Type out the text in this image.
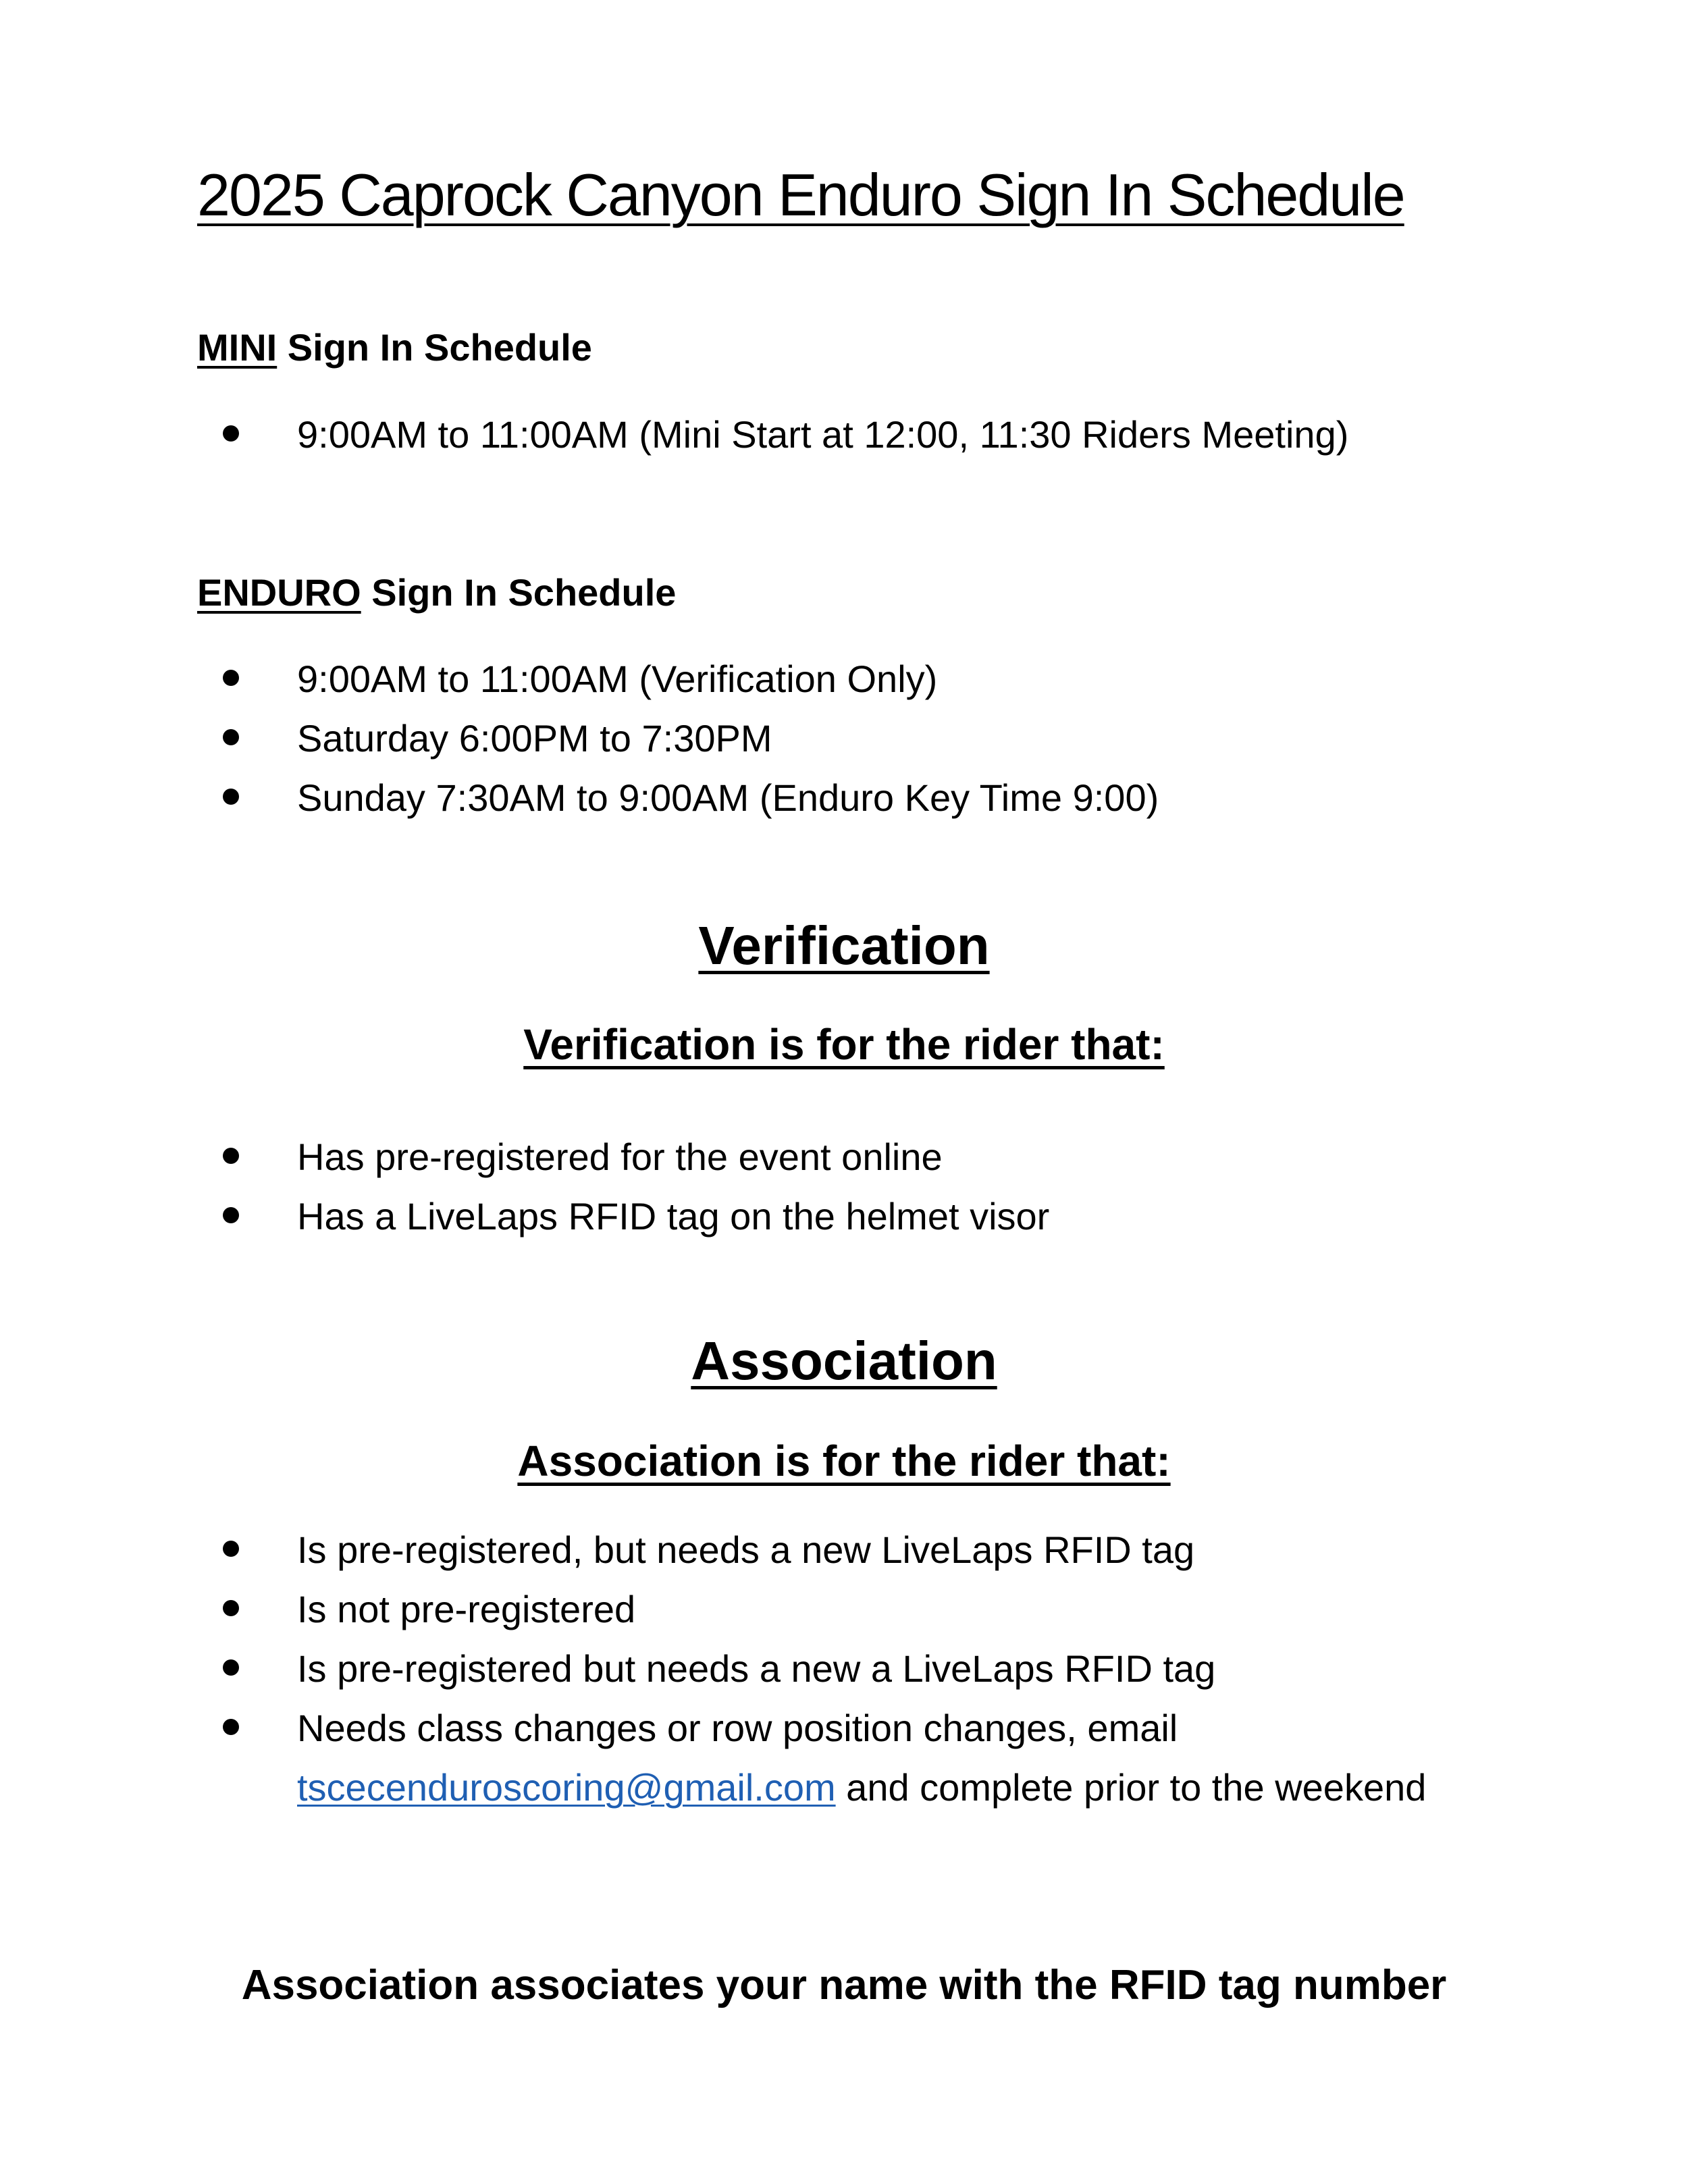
2025 Caprock Canyon Enduro Sign In Schedule
MINI Sign In Schedule
9:00AM to 11:00AM (Mini Start at 12:00, 11:30 Riders Meeting)
ENDURO Sign In Schedule
9:00AM to 11:00AM (Verification Only)
Saturday 6:00PM to 7:30PM
Sunday 7:30AM to 9:00AM (Enduro Key Time 9:00)
Verification
Verification is for the rider that:
Has pre-registered for the event online
Has a LiveLaps RFID tag on the helmet visor
Association
Association is for the rider that:
Is pre-registered, but needs a new LiveLaps RFID tag
Is not pre-registered
Is pre-registered but needs a new a LiveLaps RFID tag
Needs class changes or row position changes, email tscecenduroscoring@gmail.com and complete prior to the weekend

Association associates your name with the RFID tag number
